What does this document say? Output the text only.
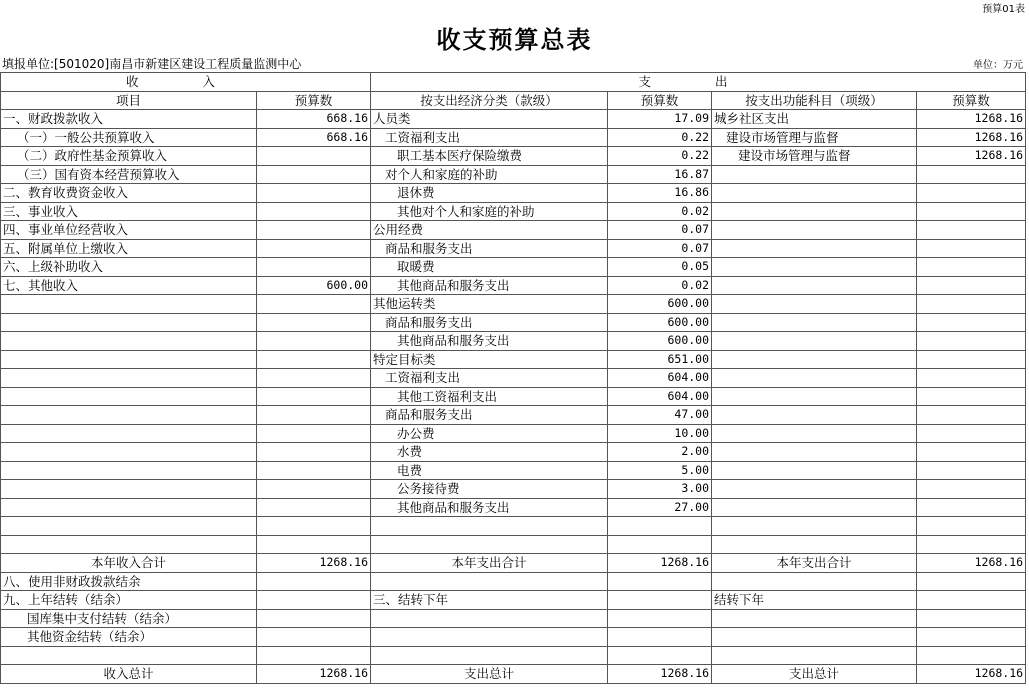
预算01表
收支预算总表
填报单位:[501020]南昌市新建区建设工程质量监测中心	单位：万元
收 入		支 出			
项目	预算数	按支出经济分类（款级）	预算数	按支出功能科目（项级）	预算数
一、财政拨款收入	668.16	人员类	17.09	城乡社区支出	1268.16
（一）一般公共预算收入	668.16	工资福利支出	0.22	建设市场管理与监督	1268.16
（二）政府性基金预算收入		职工基本医疗保险缴费	0.22	建设市场管理与监督	1268.16
（三）国有资本经营预算收入		对个人和家庭的补助	16.87		
二、教育收费资金收入		退休费	16.86		
三、事业收入		其他对个人和家庭的补助	0.02		
四、事业单位经营收入		公用经费	0.07		
五、附属单位上缴收入		商品和服务支出	0.07		
六、上级补助收入		取暖费	0.05		
七、其他收入	600.00	其他商品和服务支出	0.02		
		其他运转类	600.00		
		商品和服务支出	600.00		
		其他商品和服务支出	600.00		
		特定目标类	651.00		
		工资福利支出	604.00		
		其他工资福利支出	604.00		
		商品和服务支出	47.00		
		办公费	10.00		
		水费	2.00		
		电费	5.00		
		公务接待费	3.00		
		其他商品和服务支出	27.00		

本年收入合计	1268.16	本年支出合计	1268.16	本年支出合计	1268.16
八、使用非财政拨款结余					
九、上年结转（结余）		三、结转下年		结转下年	
国库集中支付结转（结余）					
其他资金结转（结余）					

收入总计	1268.16	支出总计	1268.16	支出总计	1268.16
